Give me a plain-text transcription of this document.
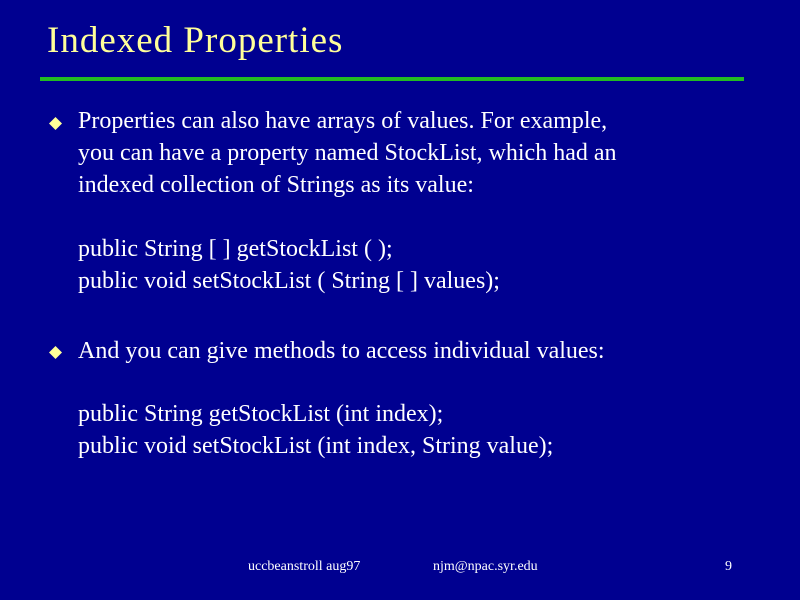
Indexed Properties
Properties can also have arrays of values. For example,
you can have a property named StockList, which had an
indexed collection of Strings as its value:
public String [ ] getStockList ( );
public void setStockList ( String [ ] values);
And you can give methods to access individual values:
public String getStockList (int index);
public void setStockList (int index, String value);
uccbeanstroll aug97	njm@npac.syr.edu	9
